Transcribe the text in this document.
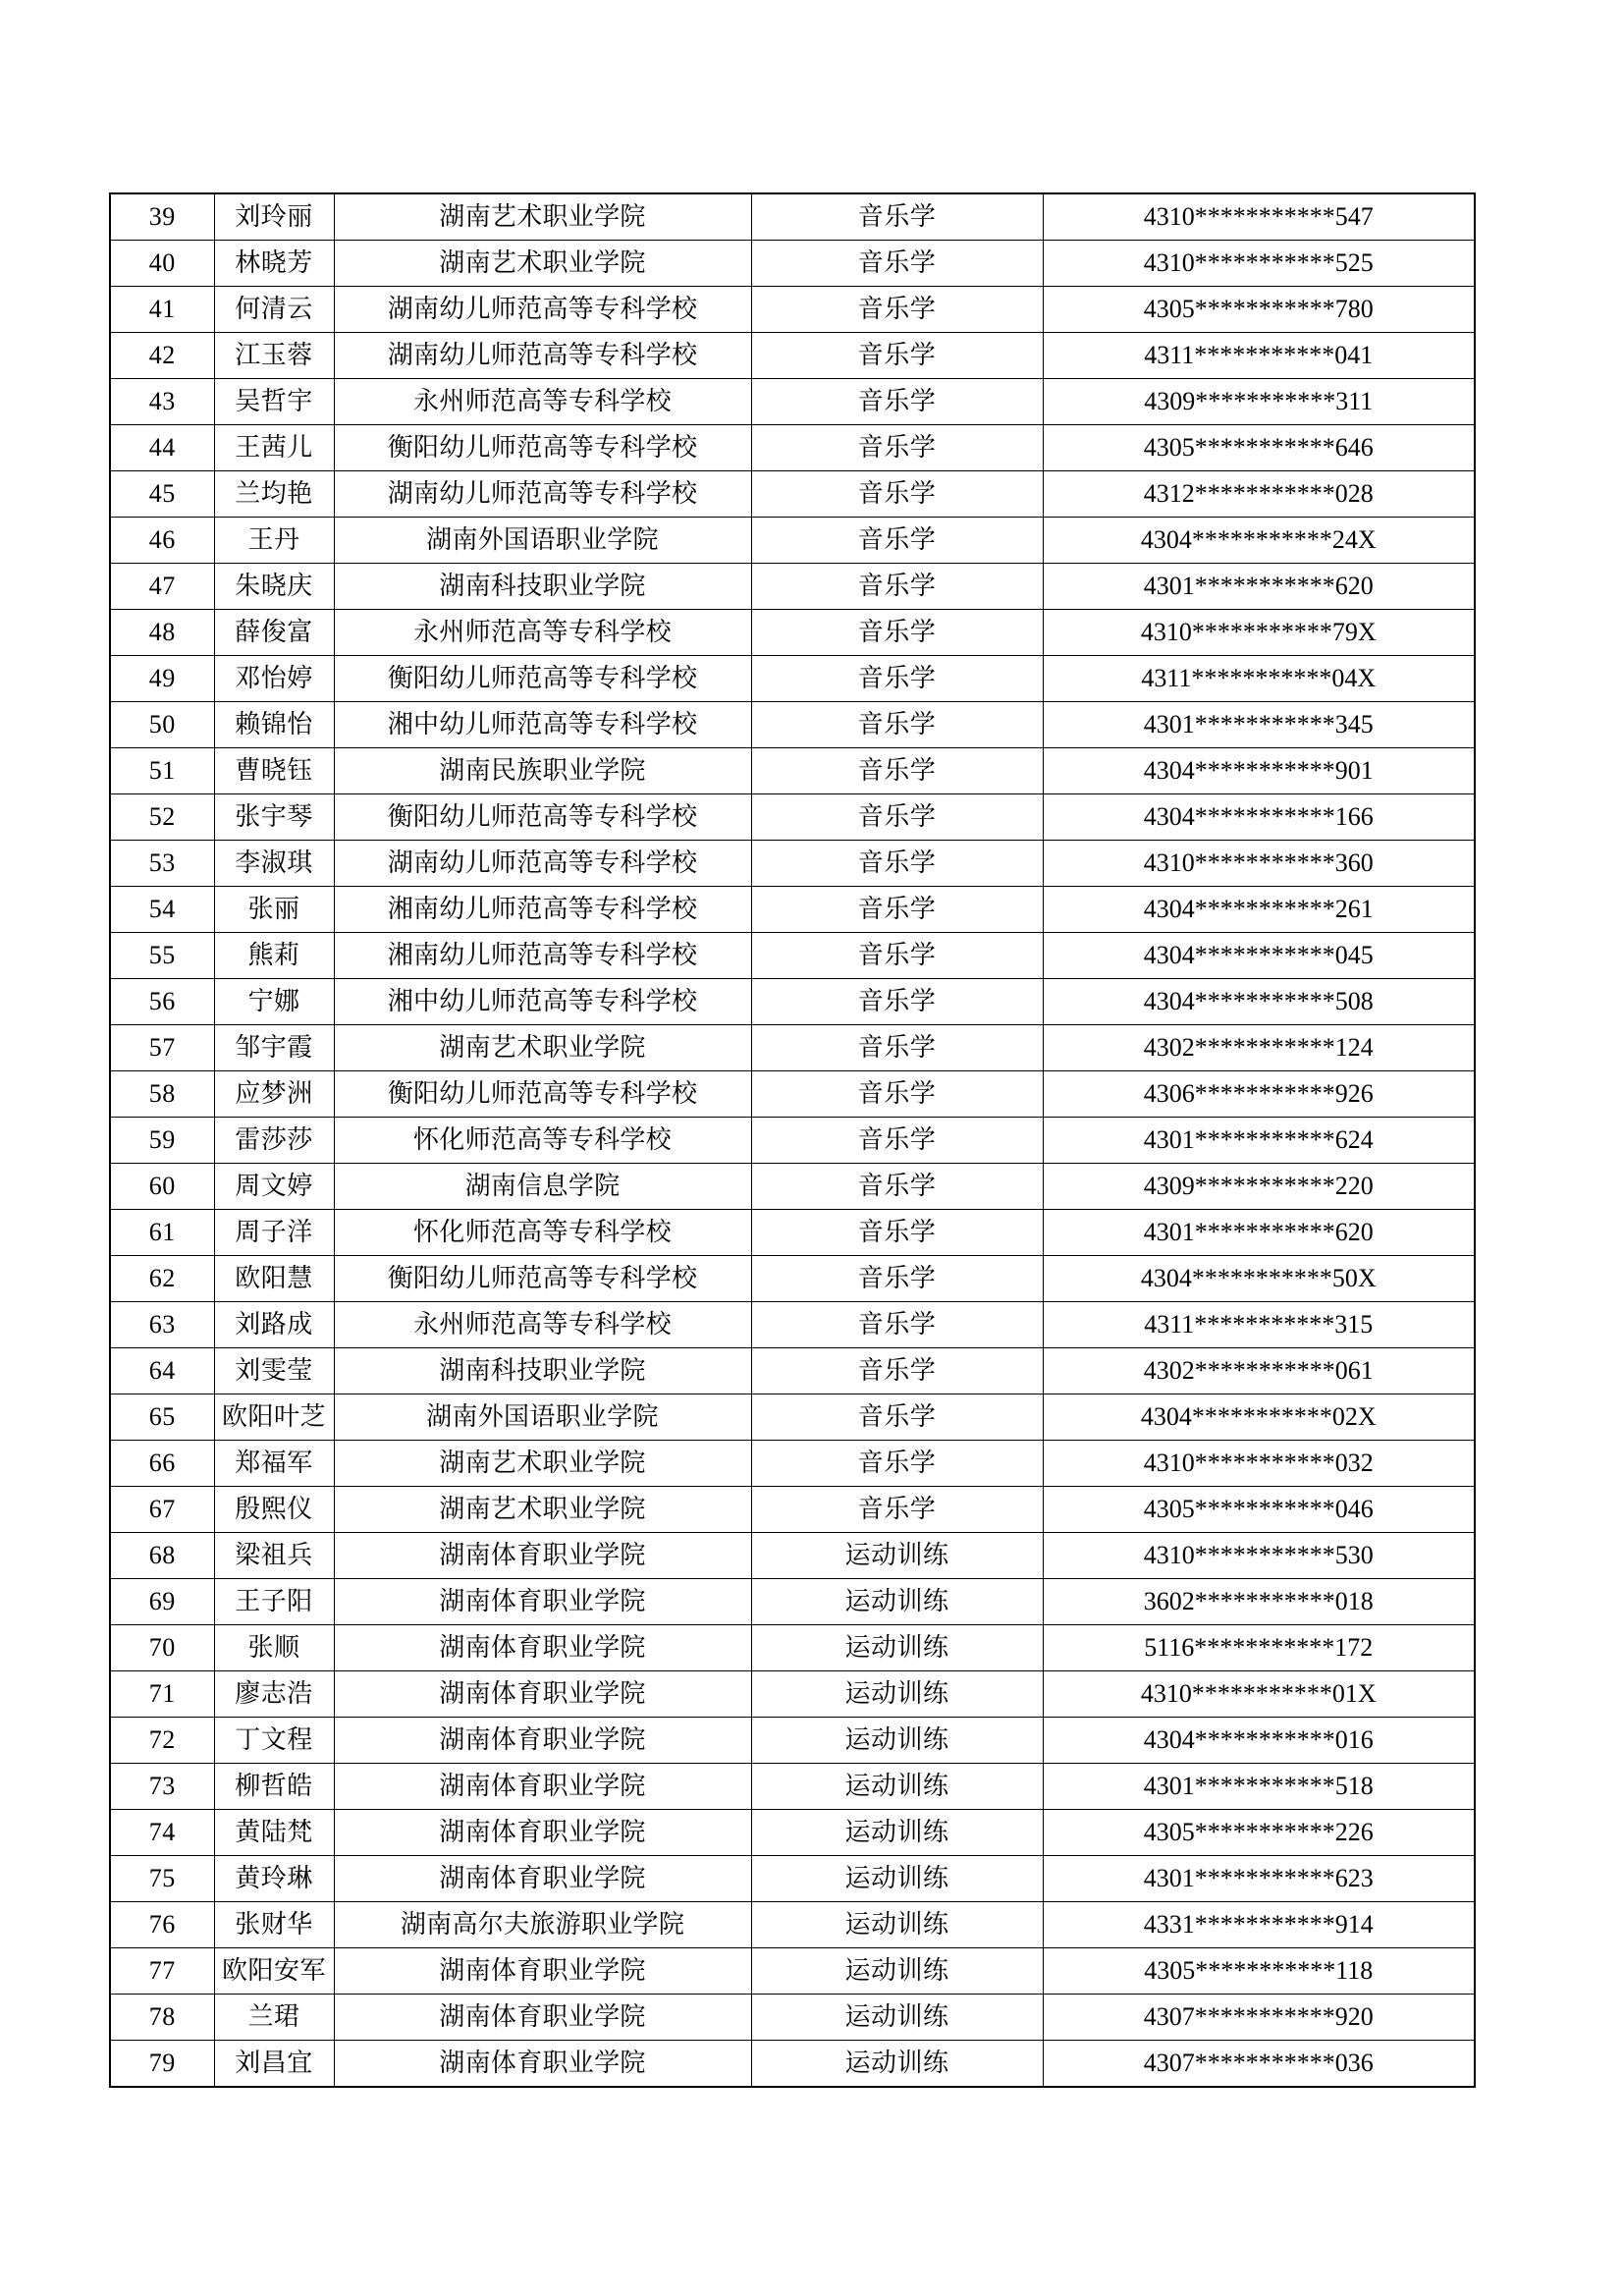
39	刘玲丽	湖南艺术职业学院	音乐学	4310***********547
40	林晓芳	湖南艺术职业学院	音乐学	4310***********525
41	何清云	湖南幼儿师范高等专科学校	音乐学	4305***********780
42	江玉蓉	湖南幼儿师范高等专科学校	音乐学	4311***********041
43	吴哲宇	永州师范高等专科学校	音乐学	4309***********311
44	王茜儿	衡阳幼儿师范高等专科学校	音乐学	4305***********646
45	兰均艳	湖南幼儿师范高等专科学校	音乐学	4312***********028
46	王丹	湖南外国语职业学院	音乐学	4304***********24X
47	朱晓庆	湖南科技职业学院	音乐学	4301***********620
48	薛俊富	永州师范高等专科学校	音乐学	4310***********79X
49	邓怡婷	衡阳幼儿师范高等专科学校	音乐学	4311***********04X
50	赖锦怡	湘中幼儿师范高等专科学校	音乐学	4301***********345
51	曹晓钰	湖南民族职业学院	音乐学	4304***********901
52	张宇琴	衡阳幼儿师范高等专科学校	音乐学	4304***********166
53	李淑琪	湖南幼儿师范高等专科学校	音乐学	4310***********360
54	张丽	湘南幼儿师范高等专科学校	音乐学	4304***********261
55	熊莉	湘南幼儿师范高等专科学校	音乐学	4304***********045
56	宁娜	湘中幼儿师范高等专科学校	音乐学	4304***********508
57	邹宇霞	湖南艺术职业学院	音乐学	4302***********124
58	应梦洲	衡阳幼儿师范高等专科学校	音乐学	4306***********926
59	雷莎莎	怀化师范高等专科学校	音乐学	4301***********624
60	周文婷	湖南信息学院	音乐学	4309***********220
61	周子洋	怀化师范高等专科学校	音乐学	4301***********620
62	欧阳慧	衡阳幼儿师范高等专科学校	音乐学	4304***********50X
63	刘路成	永州师范高等专科学校	音乐学	4311***********315
64	刘雯莹	湖南科技职业学院	音乐学	4302***********061
65	欧阳叶芝	湖南外国语职业学院	音乐学	4304***********02X
66	郑福军	湖南艺术职业学院	音乐学	4310***********032
67	殷熙仪	湖南艺术职业学院	音乐学	4305***********046
68	梁祖兵	湖南体育职业学院	运动训练	4310***********530
69	王子阳	湖南体育职业学院	运动训练	3602***********018
70	张顺	湖南体育职业学院	运动训练	5116***********172
71	廖志浩	湖南体育职业学院	运动训练	4310***********01X
72	丁文程	湖南体育职业学院	运动训练	4304***********016
73	柳哲皓	湖南体育职业学院	运动训练	4301***********518
74	黄陆梵	湖南体育职业学院	运动训练	4305***********226
75	黄玲琳	湖南体育职业学院	运动训练	4301***********623
76	张财华	湖南高尔夫旅游职业学院	运动训练	4331***********914
77	欧阳安军	湖南体育职业学院	运动训练	4305***********118
78	兰珺	湖南体育职业学院	运动训练	4307***********920
79	刘昌宜	湖南体育职业学院	运动训练	4307***********036
